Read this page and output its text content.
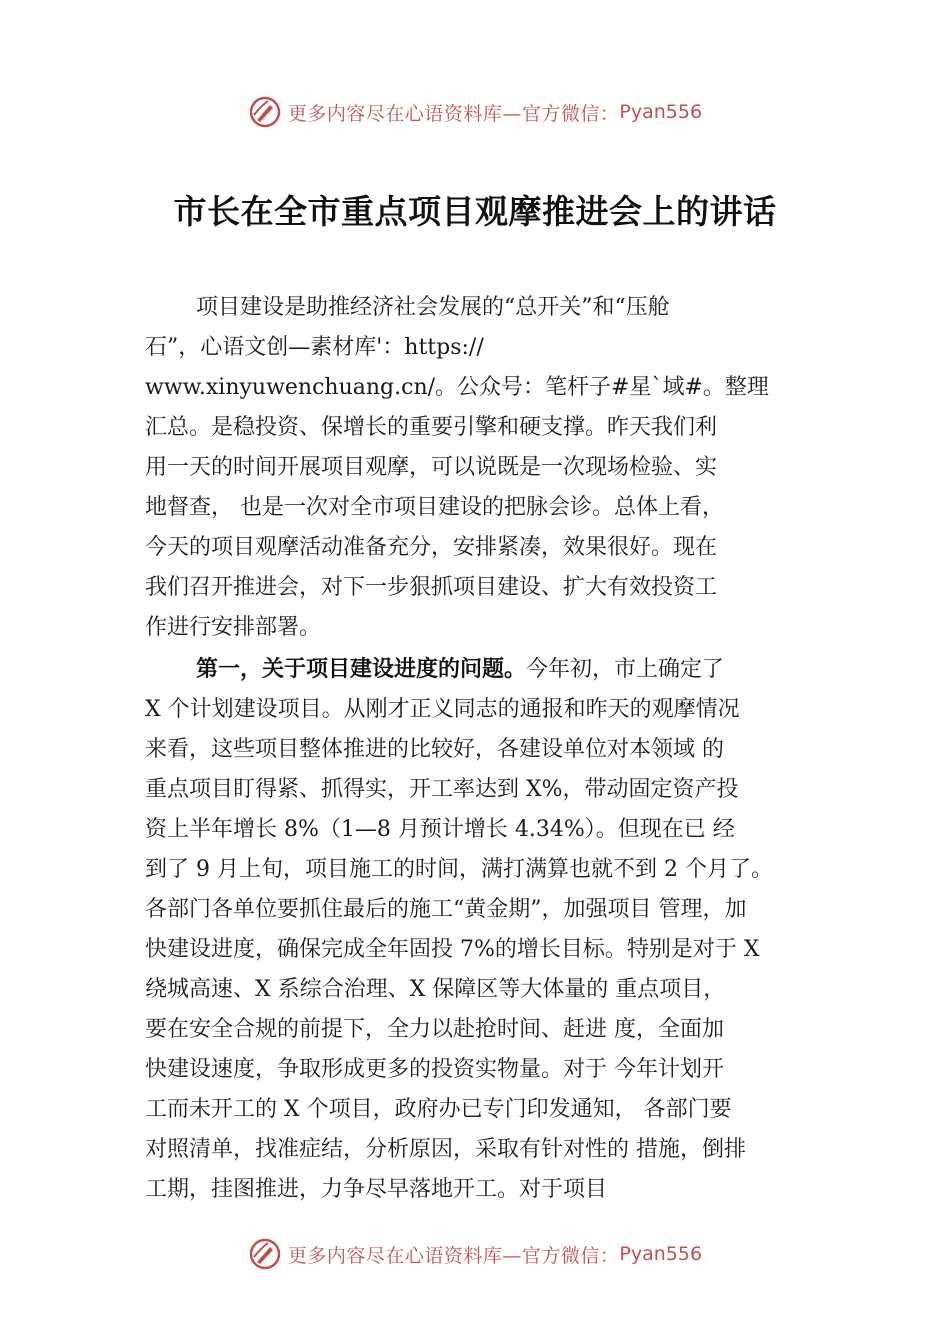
更多内容尽在心语资料库—官方微信： Pyan556
市长在全市重点项目观摩推进会上的讲话
项目建设是助推经济社会发展的“总开关”和“压舱
石”，心语文创—素材库'：https://
www.xinyuwenchuang.cn/。公众号：笔杆子#星`域#。整理
汇总。是稳投资、保增长的重要引擎和硬支撑。昨天我们利
用一天的时间开展项目观摩，可以说既是一次现场检验、实
地督查， 也是一次对全市项目建设的把脉会诊。总体上看，
今天的项目观摩活动准备充分，安排紧凑，效果很好。现在
我们召开推进会，对下一步狠抓项目建设、扩大有效投资工
作进行安排部署。
第一，关于项目建设进度的问题。今年初，市上确定了
X 个计划建设项目。从刚才正义同志的通报和昨天的观摩情况
来看，这些项目整体推进的比较好，各建设单位对本领域 的
重点项目盯得紧、抓得实，开工率达到 X%，带动固定资产投
资上半年增长 8%（1—8 月预计增长 4.34%）。但现在已 经
到了 9 月上旬，项目施工的时间，满打满算也就不到 2 个月了。
各部门各单位要抓住最后的施工“黄金期”，加强项目 管理，加
快建设进度，确保完成全年固投 7%的增长目标。特别是对于 X
绕城高速、X 系综合治理、X 保障区等大体量的 重点项目，
要在安全合规的前提下，全力以赴抢时间、赶进 度，全面加
快建设速度，争取形成更多的投资实物量。对于 今年计划开
工而未开工的 X 个项目，政府办已专门印发通知， 各部门要
对照清单，找准症结，分析原因，采取有针对性的 措施，倒排
工期，挂图推进，力争尽早落地开工。对于项目
更多内容尽在心语资料库—官方微信： Pyan556
